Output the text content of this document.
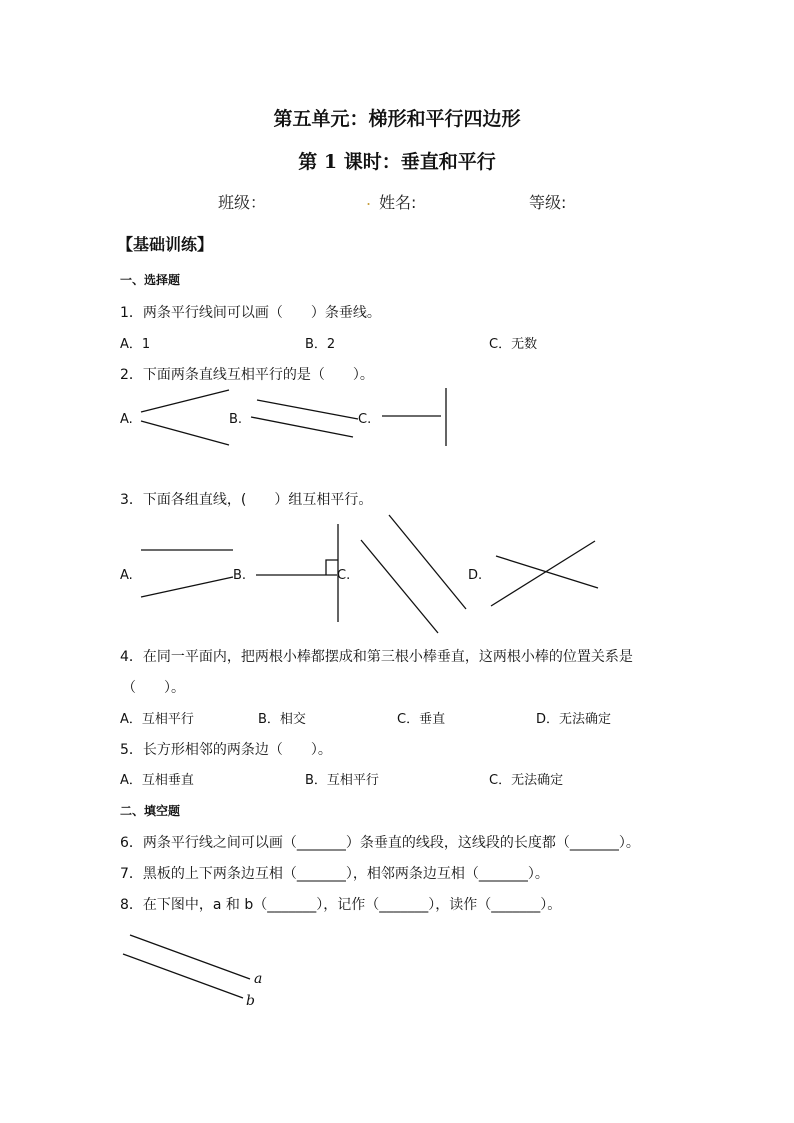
第五单元：梯形和平行四边形
第 1 课时：垂直和平行
班级：	. 姓名:	等级:
【基础训练】
一、选择题
1．两条平行线间可以画（　　）条垂线。
A．1	B．2	C．无数
2．下面两条直线互相平行的是（　　）。
A.	B.	C.
3．下面各组直线，(　　）组互相平行。
A.	B.	C.	D.
4．在同一平面内，把两根小棒都摆成和第三根小棒垂直，这两根小棒的位置关系是
（　　）。
A．互相平行	B．相交	C．垂直	D．无法确定
5．长方形相邻的两条边（　　）。
A．互相垂直	B．互相平行	C．无法确定
二、填空题
6．两条平行线之间可以画（_______）条垂直的线段，这线段的长度都（_______）。
7．黑板的上下两条边互相（_______），相邻两条边互相（_______）。
8．在下图中，a 和 b（_______），记作（_______），读作（_______）。
a
b
